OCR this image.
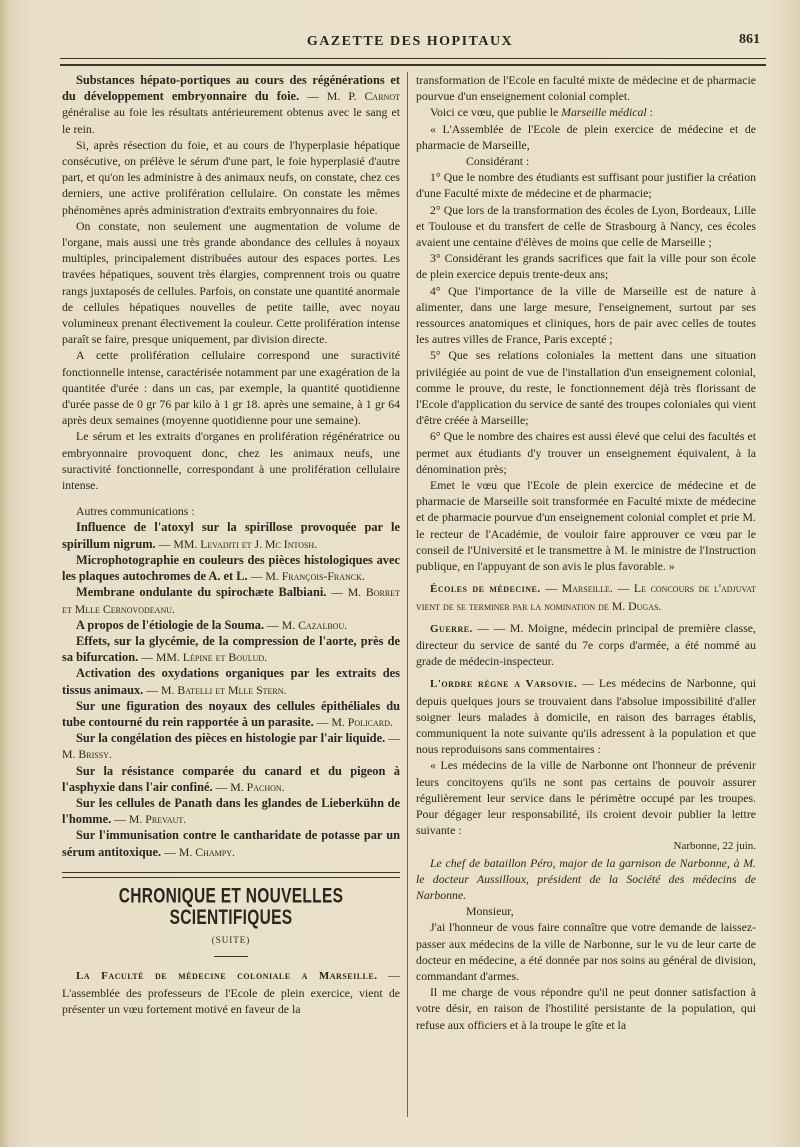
GAZETTE DES HOPITAUX	861

Substances hépato-portiques au cours des régénérations et du développement embryonnaire du foie. — M. P. Carnot généralise au foie les résultats antérieurement obtenus avec le sang et le rein.

Si, après résection du foie, et au cours de l'hyperplasie hépatique consécutive, on prélève le sérum d'une part, le foie hyperplasié d'autre part, et qu'on les administre à des animaux neufs, on constate, chez ces derniers, une active prolifération cellulaire. On constate les mêmes phénomènes après administration d'extraits embryonnaires du foie.

On constate, non seulement une augmentation de volume de l'organe, mais aussi une très grande abondance des cellules à noyaux multiples, principalement distribuées autour des espaces portes. Les travées hépatiques, souvent très élargies, comprennent trois ou quatre rangs juxtaposés de cellules. Parfois, on constate une quantité anormale de cellules hépatiques nouvelles de petite taille, avec noyau volumineux prenant électivement la couleur. Cette prolifération intense paraît se faire, presque uniquement, par division directe.

A cette prolifération cellulaire correspond une suractivité fonctionnelle intense, caractérisée notamment par une exagération de la quantitée d'urée : dans un cas, par exemple, la quantité quotidienne d'urée passe de 0 gr 76 par kilo à 1 gr 18. après une semaine, à 1 gr 64 après deux semaines (moyenne quotidienne pour une semaine).

Le sérum et les extraits d'organes en prolifération régénératrice ou embryonnaire provoquent donc, chez les animaux neufs, une suractivité fonctionnelle, correspondant à une prolifération cellulaire intense.

Autres communications :

Influence de l'atoxyl sur la spirillose provoquée par le spirillum nigrum. — MM. Levaditi et J. Mc Intosh.

Microphotographie en couleurs des pièces histologiques avec les plaques autochromes de A. et L. — M. François-Franck.

Membrane ondulante du spirochæte Balbiani. — M. Borret et Mlle Cernovodeanu.

A propos de l'étiologie de la Souma. — M. Cazalbou.

Effets, sur la glycémie, de la compression de l'aorte, près de sa bifurcation. — MM. Lépine et Boulud.

Activation des oxydations organiques par les extraits des tissus animaux. — M. Batelli et Mlle Stern.

Sur une figuration des noyaux des cellules épithéliales du tube contourné du rein rapportée à un parasite. — M. Policard.

Sur la congélation des pièces en histologie par l'air liquide. — M. Brissy.

Sur la résistance comparée du canard et du pigeon à l'asphyxie dans l'air confiné. — M. Pachon.

Sur les cellules de Panath dans les glandes de Lieberkühn de l'homme. — M. Prevaut.

Sur l'immunisation contre le cantharidate de potasse par un sérum antitoxique. — M. Champy.

CHRONIQUE ET NOUVELLES SCIENTIFIQUES
(SUITE)

La Faculté de médecine coloniale a Marseille. — L'assemblée des professeurs de l'Ecole de plein exercice, vient de présenter un vœu fortement motivé en faveur de la

transformation de l'Ecole en faculté mixte de médecine et de pharmacie pourvue d'un enseignement colonial complet.

Voici ce vœu, que publie le Marseille médical :

« L'Assemblée de l'Ecole de plein exercice de médecine et de pharmacie de Marseille,

Considérant :

1° Que le nombre des étudiants est suffisant pour justifier la création d'une Faculté mixte de médecine et de pharmacie;

2° Que lors de la transformation des écoles de Lyon, Bordeaux, Lille et Toulouse et du transfert de celle de Strasbourg à Nancy, ces écoles avaient une centaine d'élèves de moins que celle de Marseille ;

3° Considérant les grands sacrifices que fait la ville pour son école de plein exercice depuis trente-deux ans;

4° Que l'importance de la ville de Marseille est de nature à alimenter, dans une large mesure, l'enseignement, surtout par ses ressources anatomiques et cliniques, hors de pair avec celles de toutes les autres villes de France, Paris excepté ;

5° Que ses relations coloniales la mettent dans une situation privilégiée au point de vue de l'installation d'un enseignement colonial, comme le prouve, du reste, le fonctionnement déjà très florissant de l'Ecole d'application du service de santé des troupes coloniales qui vient d'être créée à Marseille;

6° Que le nombre des chaires est aussi élevé que celui des facultés et permet aux étudiants d'y trouver un enseignement équivalent, à la dénomination près;

Emet le vœu que l'Ecole de plein exercice de médecine et de pharmacie de Marseille soit transformée en Faculté mixte de médecine et de pharmacie pourvue d'un enseignement colonial complet et prie M. le recteur de l'Académie, de vouloir faire approuver ce vœu par le conseil de l'Université et le transmettre à M. le ministre de l'Instruction publique, en l'appuyant de son avis le plus favorable. »

Écoles de médecine. — Marseille. — Le concours de l'adjuvat vient de se terminer par la nomination de M. Dugas.

Guerre. — — M. Moigne, médecin principal de première classe, directeur du service de santé du 7e corps d'armée, a été nommé au grade de médecin-inspecteur.

L'ordre règne a Varsovie. — Les médecins de Narbonne, qui depuis quelques jours se trouvaient dans l'absolue impossibilité d'aller soigner leurs malades à domicile, en raison des barrages établis, communiquent la note suivante qu'ils adressent à la population et que nous reproduisons sans commentaires :

« Les médecins de la ville de Narbonne ont l'honneur de prévenir leurs concitoyens qu'ils ne sont pas certains de pouvoir assurer régulièrement leur service dans le périmètre occupé par les troupes. Pour dégager leur responsabilité, ils croient devoir publier la lettre suivante :

Narbonne, 22 juin.

Le chef de bataillon Péro, major de la garnison de Narbonne, à M. le docteur Aussilloux, président de la Société des médecins de Narbonne.

Monsieur,

J'ai l'honneur de vous faire connaître que votre demande de laissez-passer aux médecins de la ville de Narbonne, sur le vu de leur carte de docteur en médecine, a été donnée par nos soins au général de division, commandant d'armes.

Il me charge de vous répondre qu'il ne peut donner satisfaction à votre désir, en raison de l'hostilité persistante de la population, qui refuse aux officiers et à la troupe le gîte et la
